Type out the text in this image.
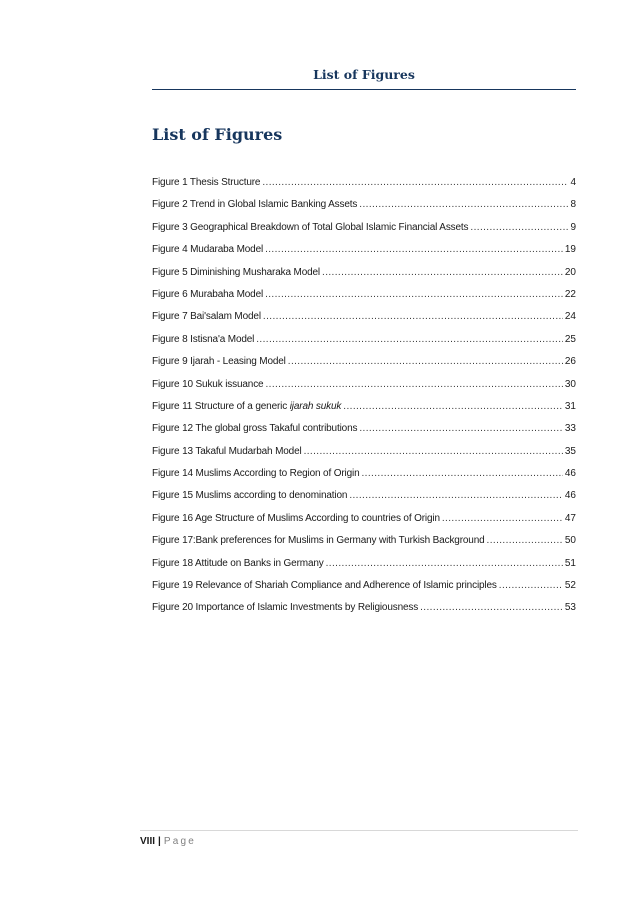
List of Figures
List of Figures
Figure 1 Thesis Structure .....	4
Figure 2 Trend in Global Islamic Banking Assets .....	8
Figure 3 Geographical Breakdown of Total Global Islamic Financial Assets .....	9
Figure 4 Mudaraba Model .....	19
Figure 5 Diminishing Musharaka Model .....	20
Figure 6 Murabaha Model .....	22
Figure 7 Bai'salam Model .....	24
Figure 8 Istisna'a Model .....	25
Figure 9 Ijarah - Leasing Model .....	26
Figure 10 Sukuk issuance .....	30
Figure 11 Structure of a generic ijarah sukuk .....	31
Figure 12 The global gross Takaful contributions .....	33
Figure 13 Takaful Mudarbah Model .....	35
Figure 14 Muslims According to Region of Origin .....	46
Figure 15 Muslims according to denomination .....	46
Figure 16 Age Structure of Muslims According to countries of Origin .....	47
Figure 17:Bank preferences for Muslims in Germany with Turkish Background .....	50
Figure 18 Attitude on Banks in Germany .....	51
Figure 19 Relevance of Shariah Compliance and Adherence of Islamic principles .....	52
Figure 20 Importance of Islamic Investments by Religiousness .....	53
VIII | Page
